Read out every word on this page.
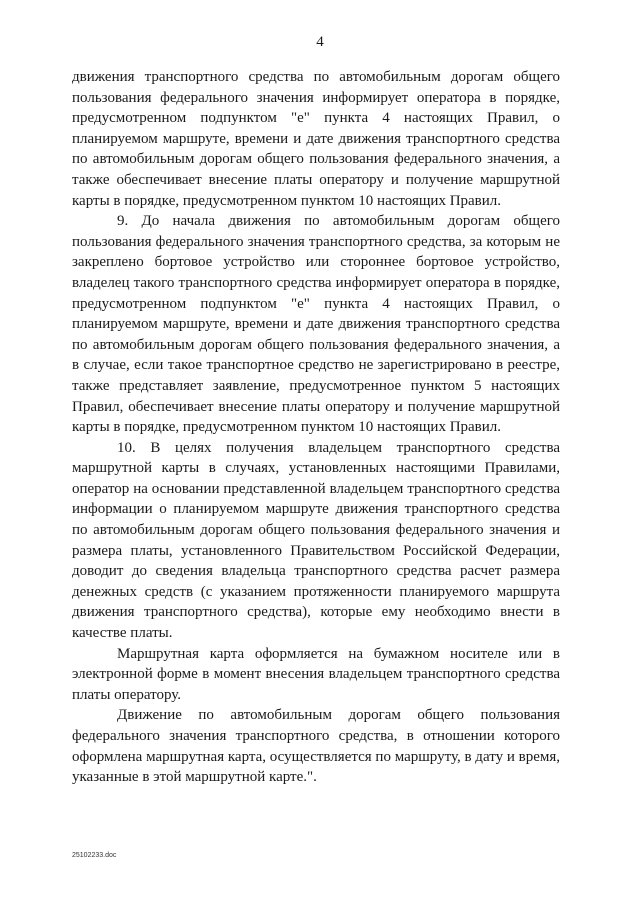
4

движения транспортного средства по автомобильным дорогам общего пользования федерального значения информирует оператора в порядке, предусмотренном подпунктом "е" пункта 4 настоящих Правил, о планируемом маршруте, времени и дате движения транспортного средства по автомобильным дорогам общего пользования федерального значения, а также обеспечивает внесение платы оператору и получение маршрутной карты в порядке, предусмотренном пунктом 10 настоящих Правил.

9. До начала движения по автомобильным дорогам общего пользования федерального значения транспортного средства, за которым не закреплено бортовое устройство или стороннее бортовое устройство, владелец такого транспортного средства информирует оператора в порядке, предусмотренном подпунктом "е" пункта 4 настоящих Правил, о планируемом маршруте, времени и дате движения транспортного средства по автомобильным дорогам общего пользования федерального значения, а в случае, если такое транспортное средство не зарегистрировано в реестре, также представляет заявление, предусмотренное пунктом 5 настоящих Правил, обеспечивает внесение платы оператору и получение маршрутной карты в порядке, предусмотренном пунктом 10 настоящих Правил.

10. В целях получения владельцем транспортного средства маршрутной карты в случаях, установленных настоящими Правилами, оператор на основании представленной владельцем транспортного средства информации о планируемом маршруте движения транспортного средства по автомобильным дорогам общего пользования федерального значения и размера платы, установленного Правительством Российской Федерации, доводит до сведения владельца транспортного средства расчет размера денежных средств (с указанием протяженности планируемого маршрута движения транспортного средства), которые ему необходимо внести в качестве платы.

Маршрутная карта оформляется на бумажном носителе или в электронной форме в момент внесения владельцем транспортного средства платы оператору.

Движение по автомобильным дорогам общего пользования федерального значения транспортного средства, в отношении которого оформлена маршрутная карта, осуществляется по маршруту, в дату и время, указанные в этой маршрутной карте.".

25102233.doc
